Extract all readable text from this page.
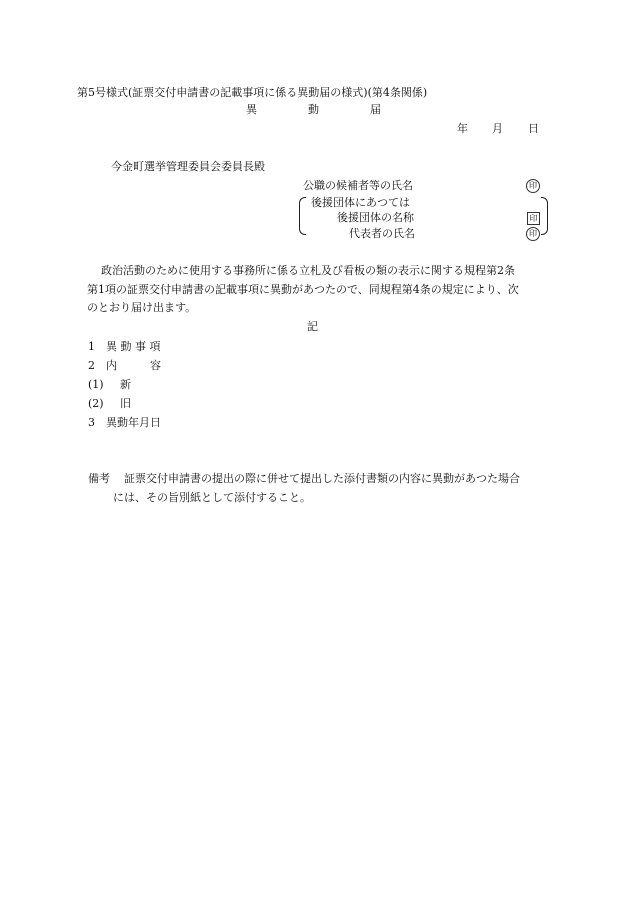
第5号様式(証票交付申請書の記載事項に係る異動届の様式)(第4条関係)
異	動	届
年 月 日
今金町選挙管理委員会委員長殿
公職の候補者等の氏名	印
後援団体にあつては
後援団体の名称	印
代表者の氏名	印
政治活動のために使用する事務所に係る立札及び看板の類の表示に関する規程第2条
第1項の証票交付申請書の記載事項に異動があつたので、同規程第4条の規定により、次
のとおり届け出ます。
記
1 異 動 事 項
2 内　　　容
(1) 新
(2) 旧
3 異動年月日
備考 証票交付申請書の提出の際に併せて提出した添付書類の内容に異動があつた場合
には、その旨別紙として添付すること。
